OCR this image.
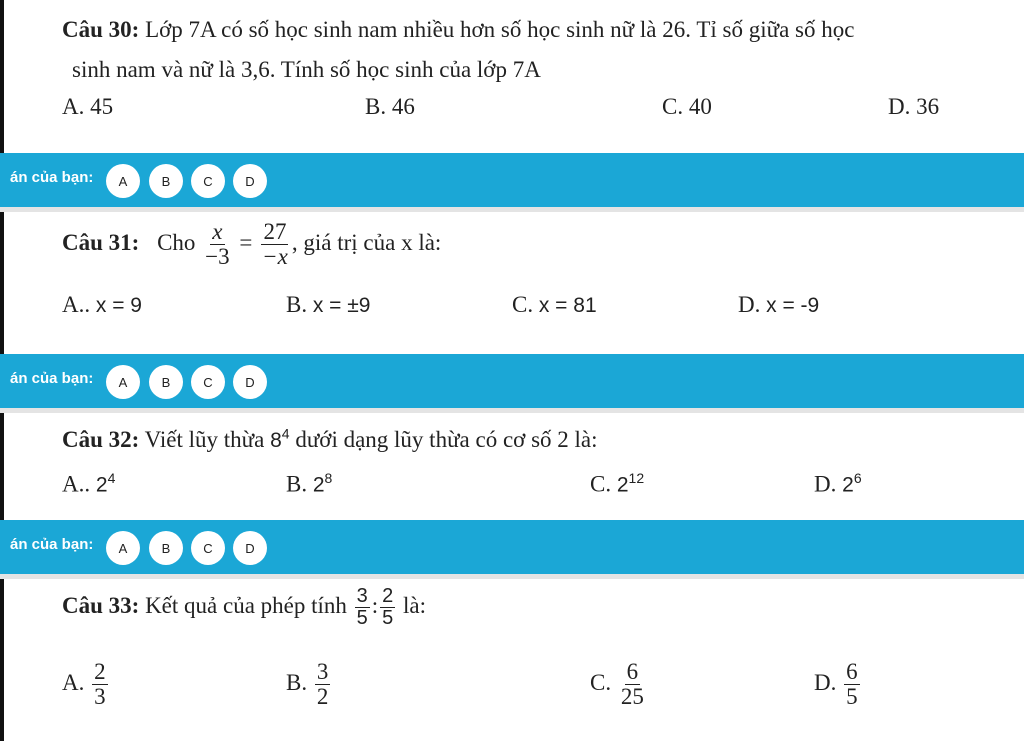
Câu 30: Lớp 7A có số học sinh nam nhiều hơn số học sinh nữ là 26. Tỉ số giữa số học
sinh nam và nữ là 3,6. Tính số học sinh của lớp 7A
A. 45	B. 46	C. 40	D. 36
án của bạn:	A	B	C	D
Câu 31: Cho $\frac{x}{-3} = \frac{27}{-x}$ , giá trị của x là:
A.. x = 9	B. x = ±9	C. x = 81	D. x = -9
án của bạn:	A	B	C	D
Câu 32: Viết lũy thừa $8^4$ dưới dạng lũy thừa có cơ số 2 là:
A.. $2^4$	B. $2^8$	C. $2^{12}$	D. $2^6$
án của bạn:	A	B	C	D
Câu 33: Kết quả của phép tính $\frac{3}{5}$ : $\frac{2}{5}$ là:
A. $\frac{2}{3}$	B. $\frac{3}{2}$	C. $\frac{6}{25}$	D. $\frac{6}{5}$
